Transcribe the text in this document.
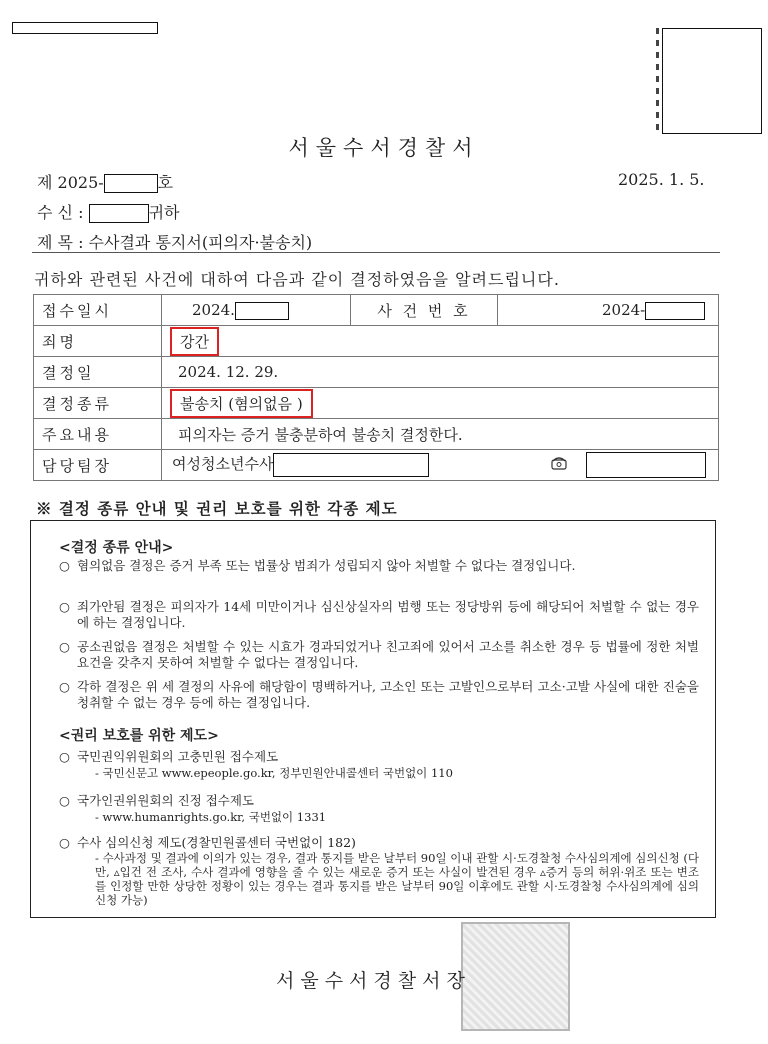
서울수서경찰서
제 2025-	호	2025. 1. 5.
수 신 :	귀하
제 목 : 수사결과 통지서(피의자·불송치)
귀하와 관련된 사건에 대하여 다음과 같이 결정하였음을 알려드립니다.
접수일시	2024.	사 건 번 호	2024-
죄명	강간		
결정일	2024. 12. 29.		
결정종류	불송치 (혐의없음 )		
주요내용	피의자는 증거 불충분하여 불송치 결정한다.		
담당팀장	여성청소년수사		
※ 결정 종류 안내 및 권리 보호를 위한 각종 제도
<결정 종류 안내>
○ 혐의없음 결정은 증거 부족 또는 법률상 범죄가 성립되지 않아 처벌할 수 없다는 결정입니다.
○ 죄가안됨 결정은 피의자가 14세 미만이거나 심신상실자의 범행 또는 정당방위 등에 해당되어 처벌할 수 없는 경우에 하는 결정입니다.
○ 공소권없음 결정은 처벌할 수 있는 시효가 경과되었거나 친고죄에 있어서 고소를 취소한 경우 등 법률에 정한 처벌요건을 갖추지 못하여 처벌할 수 없다는 결정입니다.
○ 각하 결정은 위 세 결정의 사유에 해당함이 명백하거나, 고소인 또는 고발인으로부터 고소·고발 사실에 대한 진술을 청취할 수 없는 경우 등에 하는 결정입니다.
<권리 보호를 위한 제도>
○ 국민권익위원회의 고충민원 접수제도
- 국민신문고 www.epeople.go.kr, 정부민원안내콜센터 국번없이 110
○ 국가인권위원회의 진정 접수제도
- www.humanrights.go.kr, 국번없이 1331
○ 수사 심의신청 제도(경찰민원콜센터 국번없이 182)
- 수사과정 및 결과에 이의가 있는 경우, 결과 통지를 받은 날부터 90일 이내 관할 시·도경찰청 수사심의계에 심의신청 (다만, ▵입건 전 조사, 수사 결과에 영향을 줄 수 있는 새로운 증거 또는 사실이 발견된 경우 ▵증거 등의 허위·위조 또는 변조를 인정할 만한 상당한 정황이 있는 경우는 결과 통지를 받은 날부터 90일 이후에도 관할 시·도경찰청 수사심의계에 심의신청 가능)
서울수서경찰서장
